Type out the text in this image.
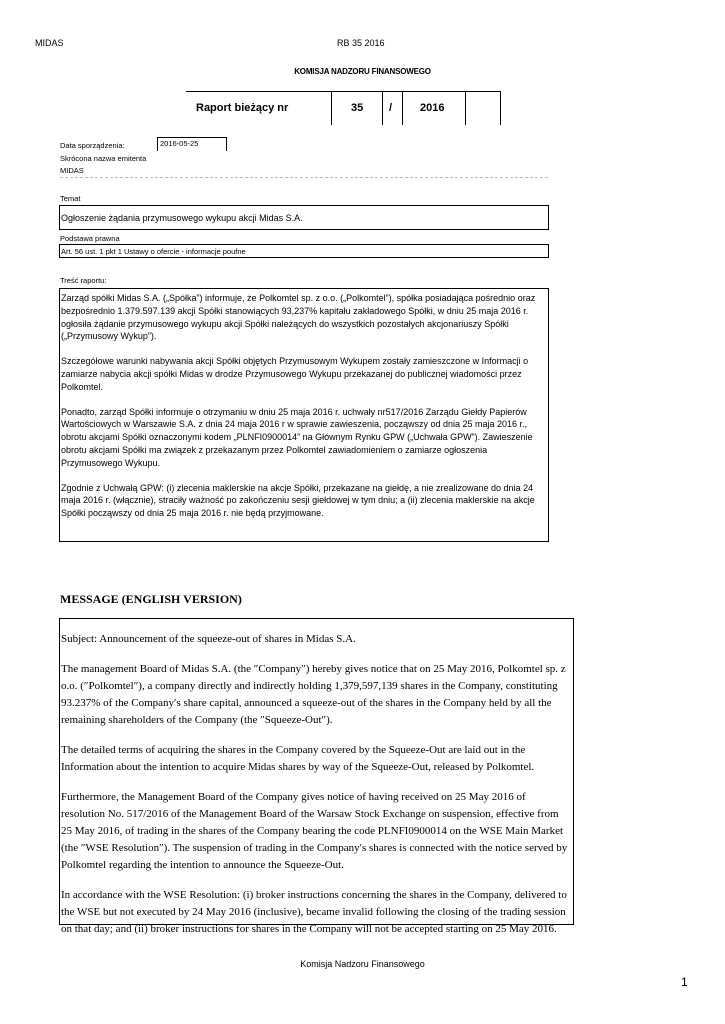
MIDAS	RB 35 2016
KOMISJA NADZORU FINANSOWEGO
Raport bieżący nr	35 /	2016
Data sporządzenia:	2016-05-25
Skrócona nazwa emitenta
MIDAS
Temat
Ogłoszenie żądania przymusowego wykupu akcji Midas S.A.
Podstawa prawna
Art. 56 ust. 1 pkt 1 Ustawy o ofercie - informacje poufne
Treść raportu:

Zarząd spółki Midas S.A. („Spółka”) informuje, że Polkomtel sp. z o.o. („Polkomtel”), spółka posiadająca pośrednio oraz bezpośrednio 1.379.597.139 akcji Spółki stanowiących 93,237% kapitału zakładowego Spółki, w dniu 25 maja 2016 r. ogłosiła żądanie przymusowego wykupu akcji Spółki należących do wszystkich pozostałych akcjonariuszy Spółki („Przymusowy Wykup”).

Szczegółowe warunki nabywania akcji Spółki objętych Przymusowym Wykupem zostały zamieszczone w Informacji o zamiarze nabycia akcji spółki Midas w drodze Przymusowego Wykupu przekazanej do publicznej wiadomości przez Polkomtel.

Ponadto, zarząd Spółki informuje o otrzymaniu w dniu 25 maja 2016 r. uchwały nr517/2016 Zarządu Giełdy Papierów Wartościowych w Warszawie S.A. z dnia 24 maja 2016 r w sprawie zawieszenia, począwszy od dnia 25 maja 2016 r., obrotu akcjami Spółki oznaczonymi kodem „PLNFI0900014” na Głównym Rynku GPW („Uchwała GPW”). Zawieszenie obrotu akcjami Spółki ma związek z przekazanym przez Polkomtel zawiadomieniem o zamiarze ogłoszenia Przymusowego Wykupu.

Zgodnie z Uchwałą GPW: (i) zlecenia maklerskie na akcje Spółki, przekazane na giełdę, a nie zrealizowane do dnia 24 maja 2016 r. (włącznie), straciły ważność po zakończeniu sesji giełdowej w tym dniu; a (ii) zlecenia maklerskie na akcje Spółki począwszy od dnia 25 maja 2016 r. nie będą przyjmowane.

MESSAGE (ENGLISH VERSION)

Subject: Announcement of the squeeze-out of shares in Midas S.A.

The management Board of Midas S.A. (the ″Company″) hereby gives notice that on 25 May 2016, Polkomtel sp. z o.o. (″Polkomtel″), a company directly and indirectly holding 1,379,597,139 shares in the Company, constituting 93.237% of the Company′s share capital, announced a squeeze-out of the shares in the Company held by all the remaining shareholders of the Company (the ″Squeeze-Out″).

The detailed terms of acquiring the shares in the Company covered by the Squeeze-Out are laid out in the Information about the intention to acquire Midas shares by way of the Squeeze-Out, released by Polkomtel.

Furthermore, the Management Board of the Company gives notice of having received on 25 May 2016 of resolution No. 517/2016 of the Management Board of the Warsaw Stock Exchange on suspension, effective from 25 May 2016, of trading in the shares of the Company bearing the code PLNFI0900014 on the WSE Main Market (the ″WSE Resolution″). The suspension of trading in the Company′s shares is connected with the notice served by Polkomtel regarding the intention to announce the Squeeze-Out.

In accordance with the WSE Resolution: (i) broker instructions concerning the shares in the Company, delivered to the WSE but not executed by 24 May 2016 (inclusive), became invalid following the closing of the trading session on that day; and (ii) broker instructions for shares in the Company will not be accepted starting on 25 May 2016.

Komisja Nadzoru Finansowego
1
